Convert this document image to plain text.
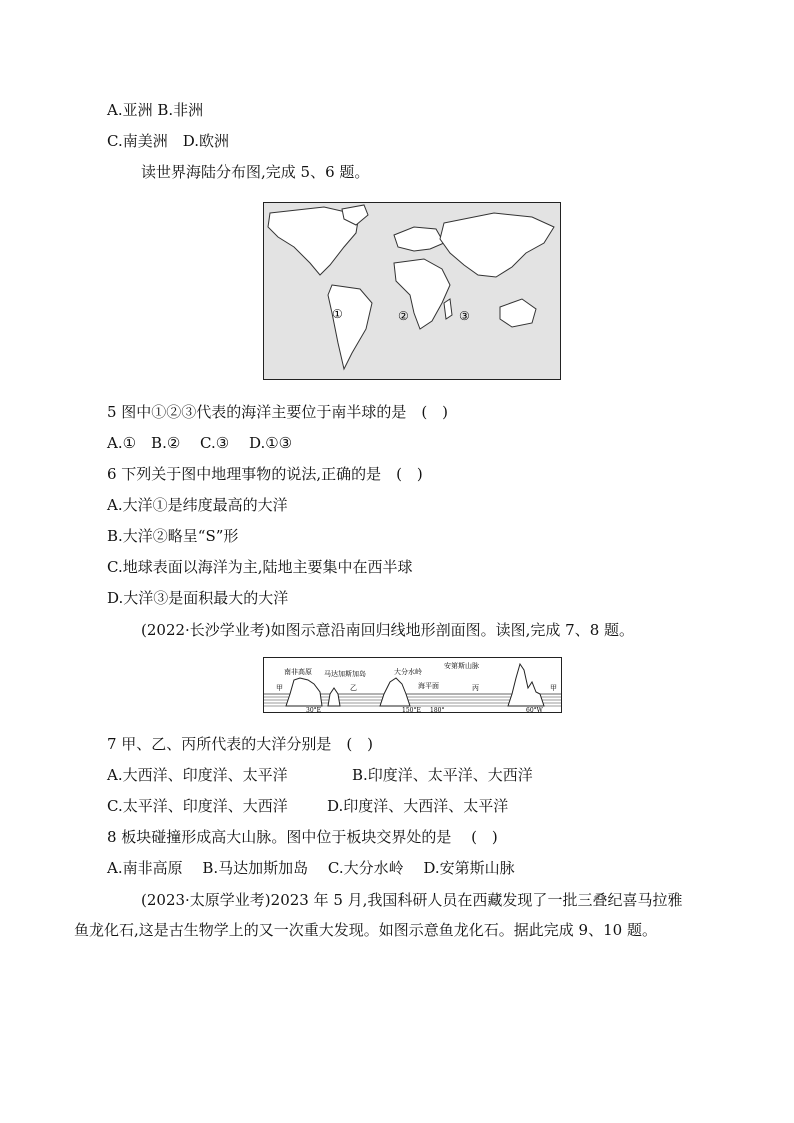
A.亚洲 B.非洲
C.南美洲　D.欧洲
读世界海陆分布图,完成 5、6 题。
①	②	③
5 图中①②③代表的海洋主要位于南半球的是　(　)
A.①　B.②　 C.③　 D.①③
6 下列关于图中地理事物的说法,正确的是　(　)
A.大洋①是纬度最高的大洋
B.大洋②略呈“S”形
C.地球表面以海洋为主,陆地主要集中在西半球
D.大洋③是面积最大的大洋
(2022·长沙学业考)如图示意沿南回归线地形剖面图。读图,完成 7、8 题。
南非高原 马达加斯加岛	大分水岭
安第斯山脉
海平面
甲	乙	丙	甲
30°E	150°E 180°	60°W
7 甲、乙、丙所代表的大洋分别是　(　)
A.大西洋、印度洋、太平洋	B.印度洋、太平洋、大西洋
C.太平洋、印度洋、大西洋	D.印度洋、大西洋、太平洋
8 板块碰撞形成高大山脉。图中位于板块交界处的是　 (　)
A.南非高原　 B.马达加斯加岛　 C.大分水岭　 D.安第斯山脉
(2023·太原学业考)2023 年 5 月,我国科研人员在西藏发现了一批三叠纪喜马拉雅
鱼龙化石,这是古生物学上的又一次重大发现。如图示意鱼龙化石。据此完成 9、10 题。
